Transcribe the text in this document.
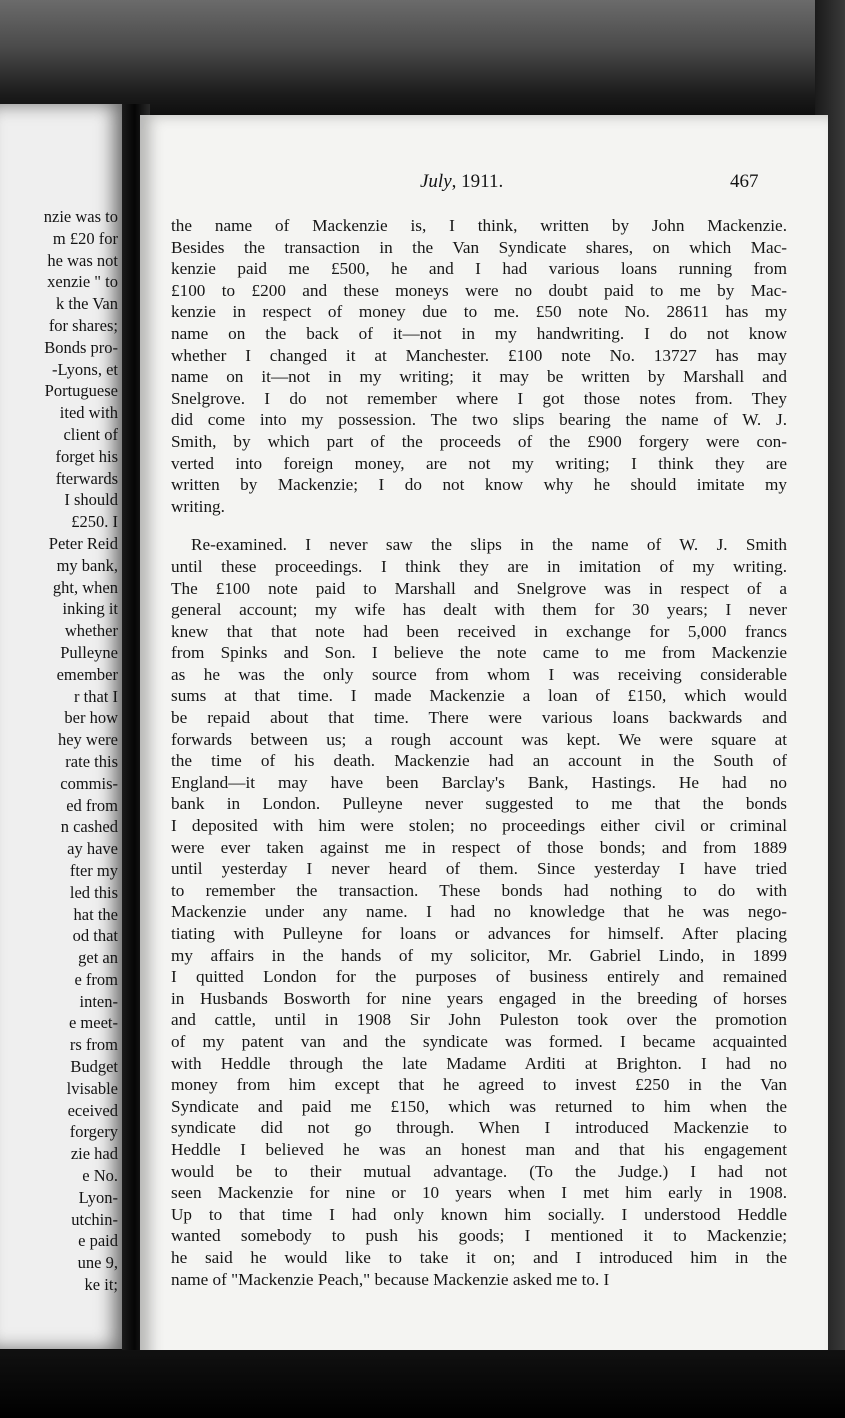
nzie was to
m £20 for
he was not
xenzie " to
k the Van
for shares;
Bonds pro-
-Lyons, et
Portuguese
ited with
client of
forget his
fterwards
I should
£250. I
Peter Reid
my bank,
ght, when
inking it
whether
Pulleyne
emember
r that I
ber how
hey were
rate this
commis-
ed from
n cashed
ay have
fter my
led this
hat the
od that
get an
e from
inten-
e meet-
rs from
Budget
lvisable
eceived
forgery
zie had
e No.
Lyon-
utchin-
e paid
une 9,
ke it;
July, 1911.	467
the name of Mackenzie is, I think, written by John Mackenzie.
Besides the transaction in the Van Syndicate shares, on which Mac-
kenzie paid me £500, he and I had various loans running from
£100 to £200 and these moneys were no doubt paid to me by Mac-
kenzie in respect of money due to me. £50 note No. 28611 has my
name on the back of it—not in my handwriting. I do not know
whether I changed it at Manchester. £100 note No. 13727 has may
name on it—not in my writing; it may be written by Marshall and
Snelgrove. I do not remember where I got those notes from. They
did come into my possession. The two slips bearing the name of W. J.
Smith, by which part of the proceeds of the £900 forgery were con-
verted into foreign money, are not my writing; I think they are
written by Mackenzie; I do not know why he should imitate my
writing.
Re-examined. I never saw the slips in the name of W. J. Smith
until these proceedings. I think they are in imitation of my writing.
The £100 note paid to Marshall and Snelgrove was in respect of a
general account; my wife has dealt with them for 30 years; I never
knew that that note had been received in exchange for 5,000 francs
from Spinks and Son. I believe the note came to me from Mackenzie
as he was the only source from whom I was receiving considerable
sums at that time. I made Mackenzie a loan of £150, which would
be repaid about that time. There were various loans backwards and
forwards between us; a rough account was kept. We were square at
the time of his death. Mackenzie had an account in the South of
England—it may have been Barclay's Bank, Hastings. He had no
bank in London. Pulleyne never suggested to me that the bonds
I deposited with him were stolen; no proceedings either civil or criminal
were ever taken against me in respect of those bonds; and from 1889
until yesterday I never heard of them. Since yesterday I have tried
to remember the transaction. These bonds had nothing to do with
Mackenzie under any name. I had no knowledge that he was nego-
tiating with Pulleyne for loans or advances for himself. After placing
my affairs in the hands of my solicitor, Mr. Gabriel Lindo, in 1899
I quitted London for the purposes of business entirely and remained
in Husbands Bosworth for nine years engaged in the breeding of horses
and cattle, until in 1908 Sir John Puleston took over the promotion
of my patent van and the syndicate was formed. I became acquainted
with Heddle through the late Madame Arditi at Brighton. I had no
money from him except that he agreed to invest £250 in the Van
Syndicate and paid me £150, which was returned to him when the
syndicate did not go through. When I introduced Mackenzie to
Heddle I believed he was an honest man and that his engagement
would be to their mutual advantage. (To the Judge.) I had not
seen Mackenzie for nine or 10 years when I met him early in 1908.
Up to that time I had only known him socially. I understood Heddle
wanted somebody to push his goods; I mentioned it to Mackenzie;
he said he would like to take it on; and I introduced him in the
name of "Mackenzie Peach," because Mackenzie asked me to. I
